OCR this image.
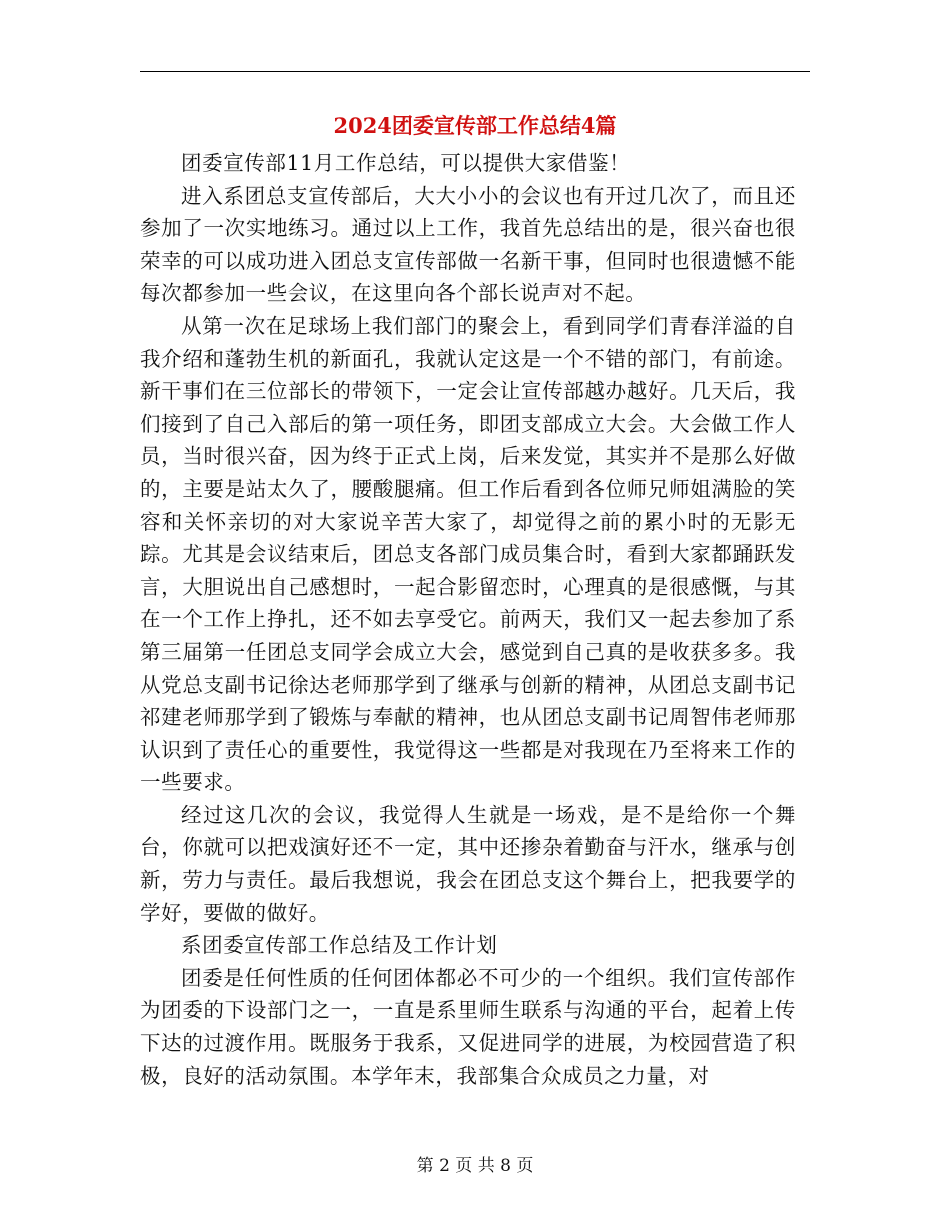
2024团委宣传部工作总结4篇

团委宣传部11月工作总结，可以提供大家借鉴！

进入系团总支宣传部后，大大小小的会议也有开过几次了，而且还参加了一次实地练习。通过以上工作，我首先总结出的是，很兴奋也很荣幸的可以成功进入团总支宣传部做一名新干事，但同时也很遗憾不能每次都参加一些会议，在这里向各个部长说声对不起。

从第一次在足球场上我们部门的聚会上，看到同学们青春洋溢的自我介绍和蓬勃生机的新面孔，我就认定这是一个不错的部门，有前途。新干事们在三位部长的带领下，一定会让宣传部越办越好。几天后，我们接到了自己入部后的第一项任务，即团支部成立大会。大会做工作人员，当时很兴奋，因为终于正式上岗，后来发觉，其实并不是那么好做的，主要是站太久了，腰酸腿痛。但工作后看到各位师兄师姐满脸的笑容和关怀亲切的对大家说辛苦大家了，却觉得之前的累小时的无影无踪。尤其是会议结束后，团总支各部门成员集合时，看到大家都踊跃发言，大胆说出自己感想时，一起合影留恋时，心理真的是很感慨，与其在一个工作上挣扎，还不如去享受它。前两天，我们又一起去参加了系第三届第一任团总支同学会成立大会，感觉到自己真的是收获多多。我从党总支副书记徐达老师那学到了继承与创新的精神，从团总支副书记祁建老师那学到了锻炼与奉献的精神，也从团总支副书记周智伟老师那认识到了责任心的重要性，我觉得这一些都是对我现在乃至将来工作的一些要求。

经过这几次的会议，我觉得人生就是一场戏，是不是给你一个舞台，你就可以把戏演好还不一定，其中还掺杂着勤奋与汗水，继承与创新，劳力与责任。最后我想说，我会在团总支这个舞台上，把我要学的学好，要做的做好。

系团委宣传部工作总结及工作计划

团委是任何性质的任何团体都必不可少的一个组织。我们宣传部作为团委的下设部门之一，一直是系里师生联系与沟通的平台，起着上传下达的过渡作用。既服务于我系，又促进同学的进展，为校园营造了积极，良好的活动氛围。本学年末，我部集合众成员之力量，对

第 2 页 共 8 页
